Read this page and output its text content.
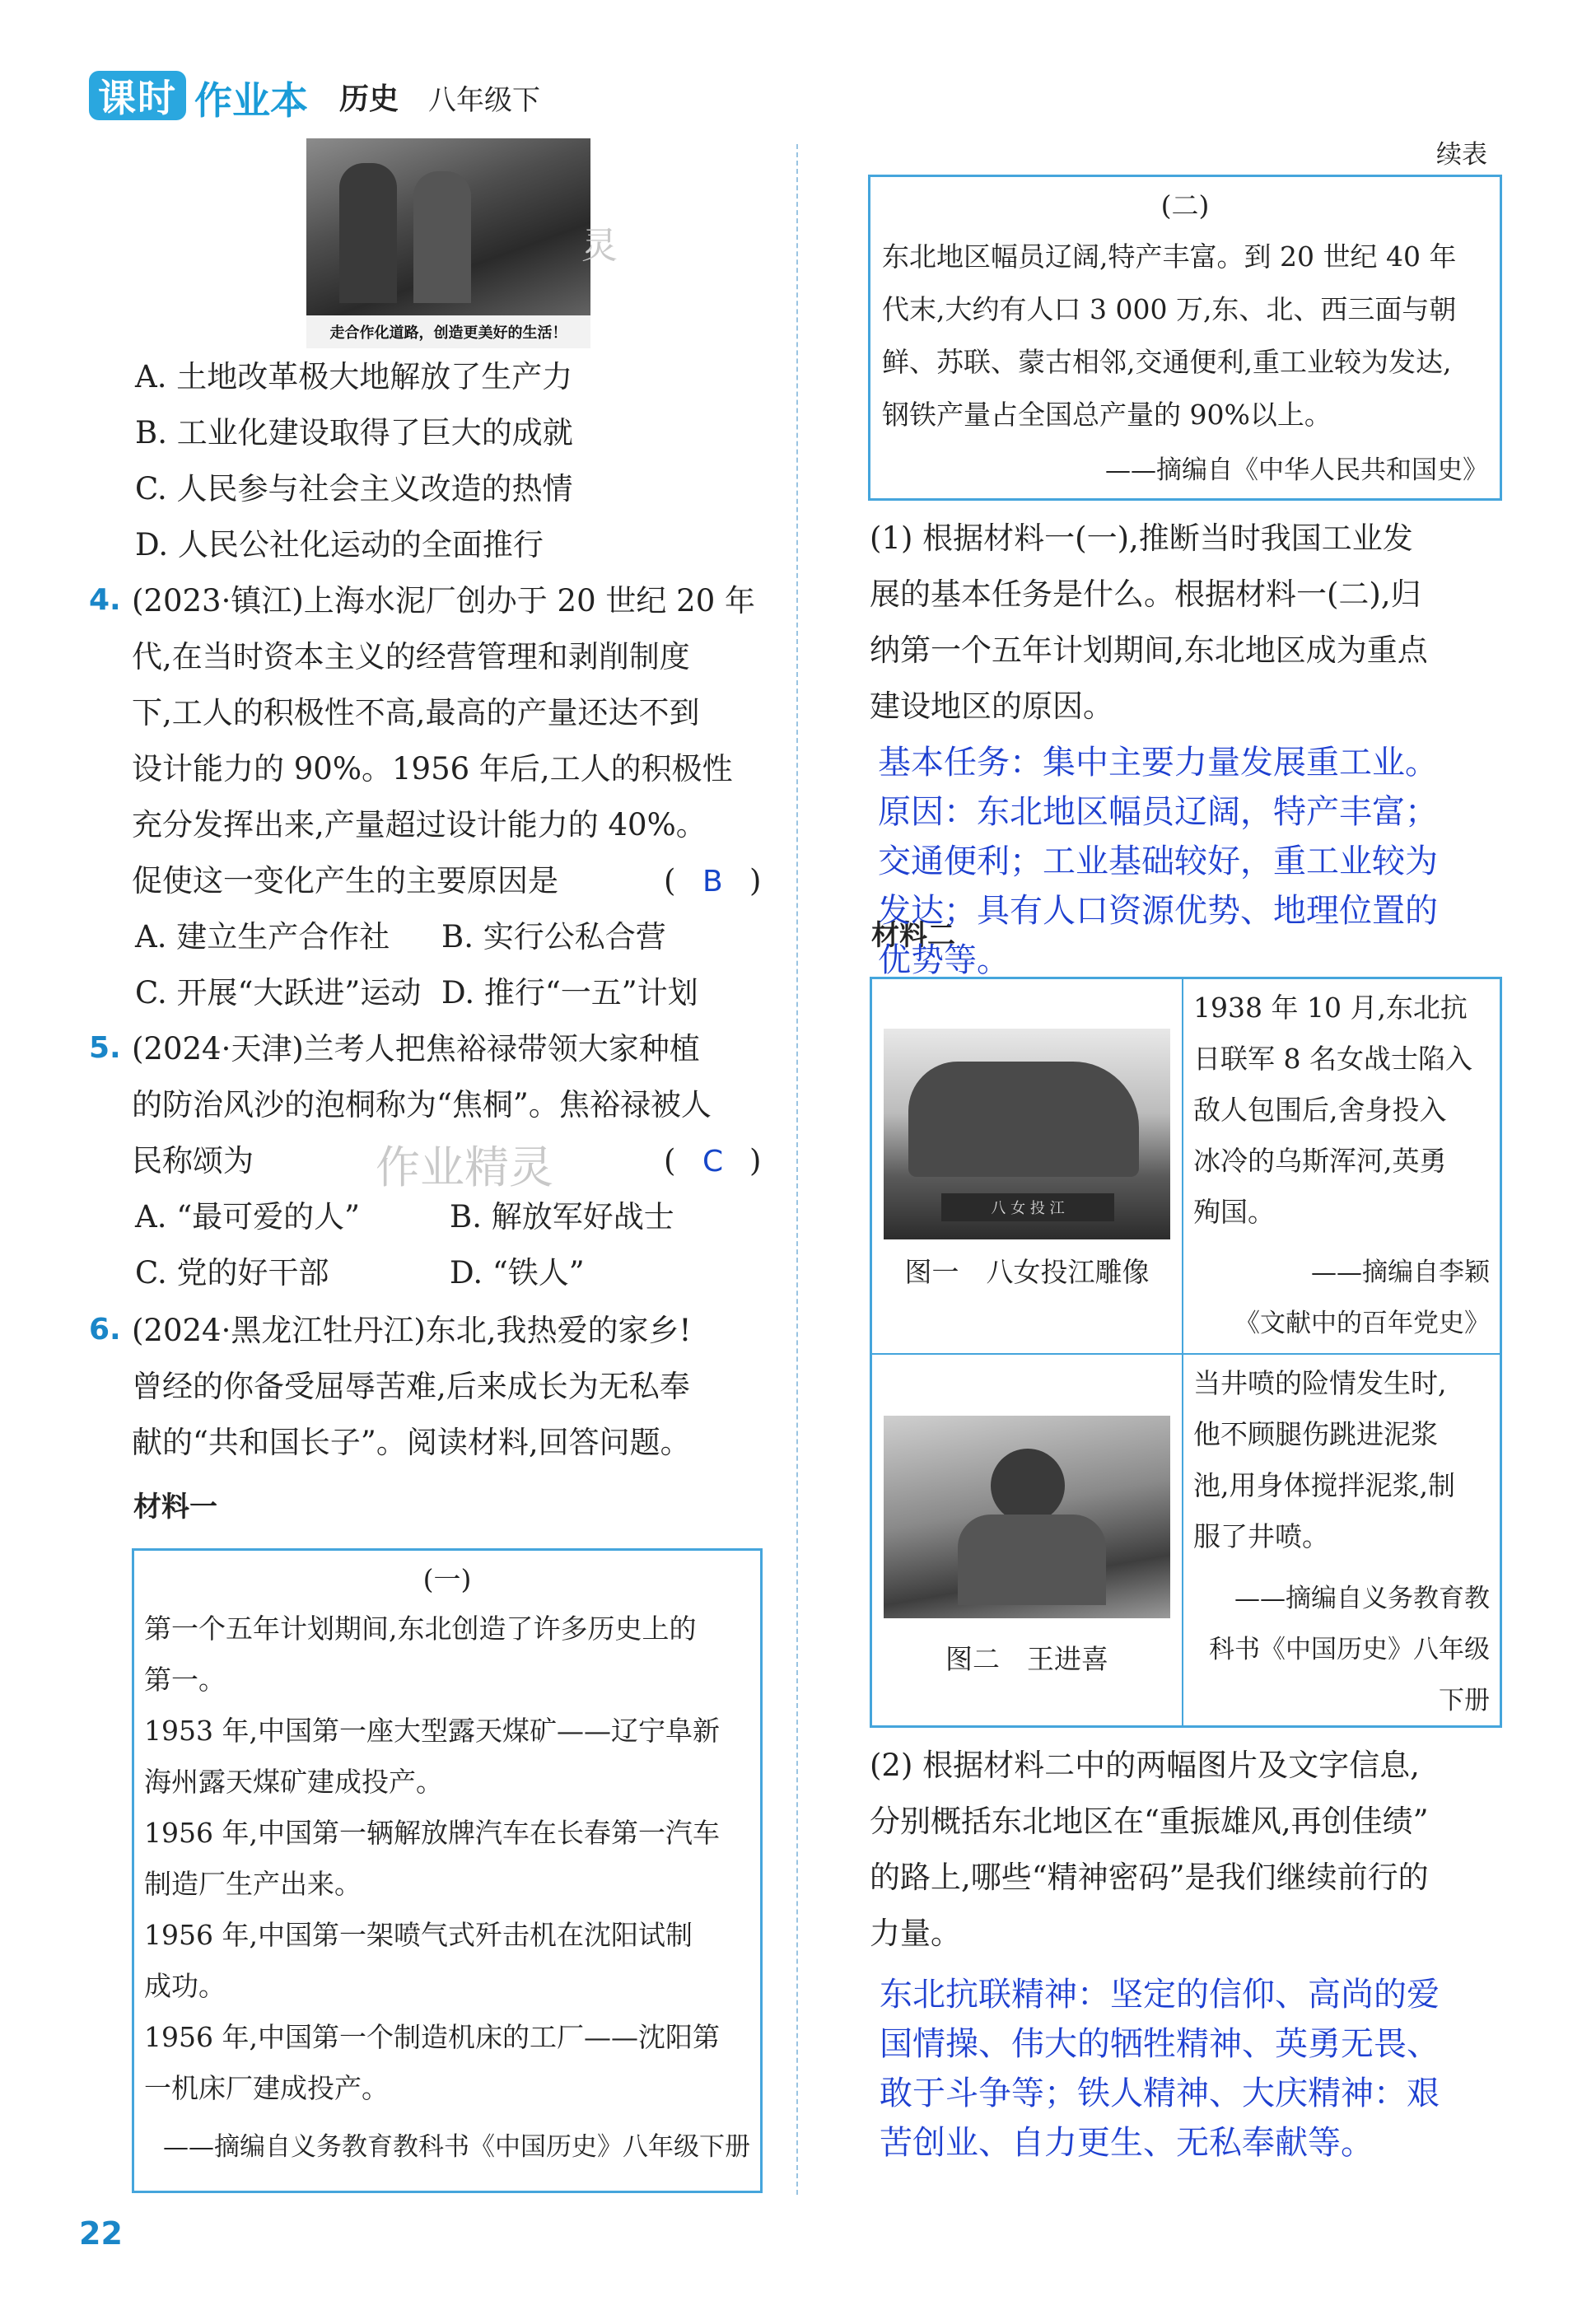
课时 作业本 历史 八年级下
走合作化道路，创造更美好的生活！
灵
A. 土地改革极大地解放了生产力
B. 工业化建设取得了巨大的成就
C. 人民参与社会主义改造的热情
D. 人民公社化运动的全面推行
4. (2023·镇江)上海水泥厂创办于 20 世纪 20 年
代,在当时资本主义的经营管理和剥削制度
下,工人的积极性不高,最高的产量还达不到
设计能力的 90%。1956 年后,工人的积极性
充分发挥出来,产量超过设计能力的 40%。
促使这一变化产生的主要原因是	( B )
A. 建立生产合作社 B. 实行公私合营
C. 开展“大跃进”运动 D. 推行“一五”计划
5. (2024·天津)兰考人把焦裕禄带领大家种植
的防治风沙的泡桐称为“焦桐”。焦裕禄被人
民称颂为	作业精灵	( C )
A. “最可爱的人”	B. 解放军好战士
C. 党的好干部	D. “铁人”
6. (2024·黑龙江牡丹江)东北,我热爱的家乡!
曾经的你备受屈辱苦难,后来成长为无私奉
献的“共和国长子”。阅读材料,回答问题。
材料一
(一)
第一个五年计划期间,东北创造了许多历史上的
第一。
1953 年,中国第一座大型露天煤矿——辽宁阜新
海州露天煤矿建成投产。
1956 年,中国第一辆解放牌汽车在长春第一汽车
制造厂生产出来。
1956 年,中国第一架喷气式歼击机在沈阳试制
成功。
1956 年,中国第一个制造机床的工厂——沈阳第
一机床厂建成投产。
——摘编自义务教育教科书《中国历史》八年级下册
续表
(二)
东北地区幅员辽阔,特产丰富。到 20 世纪 40 年
代末,大约有人口 3 000 万,东、北、西三面与朝
鲜、苏联、蒙古相邻,交通便利,重工业较为发达,
钢铁产量占全国总产量的 90%以上。
——摘编自《中华人民共和国史》
(1) 根据材料一(一),推断当时我国工业发
展的基本任务是什么。根据材料一(二),归
纳第一个五年计划期间,东北地区成为重点
建设地区的原因。
基本任务：集中主要力量发展重工业。
原因：东北地区幅员辽阔，特产丰富；
交通便利；工业基础较好，重工业较为
材料二
发达；具有人口资源优势、地理位置的
优势等。
八 女 投 江
图一　八女投江雕像
1938 年 10 月,东北抗
日联军 8 名女战士陷入
敌人包围后,舍身投入
冰冷的乌斯浑河,英勇
殉国。
——摘编自李颖
《文献中的百年党史》
图二　王进喜
当井喷的险情发生时,
他不顾腿伤跳进泥浆
池,用身体搅拌泥浆,制
服了井喷。
——摘编自义务教育教
科书《中国历史》八年级
下册
(2) 根据材料二中的两幅图片及文字信息,
分别概括东北地区在“重振雄风,再创佳绩”
的路上,哪些“精神密码”是我们继续前行的
力量。
东北抗联精神：坚定的信仰、高尚的爱
国情操、伟大的牺牲精神、英勇无畏、
敢于斗争等；铁人精神、大庆精神：艰
苦创业、自力更生、无私奉献等。
22
